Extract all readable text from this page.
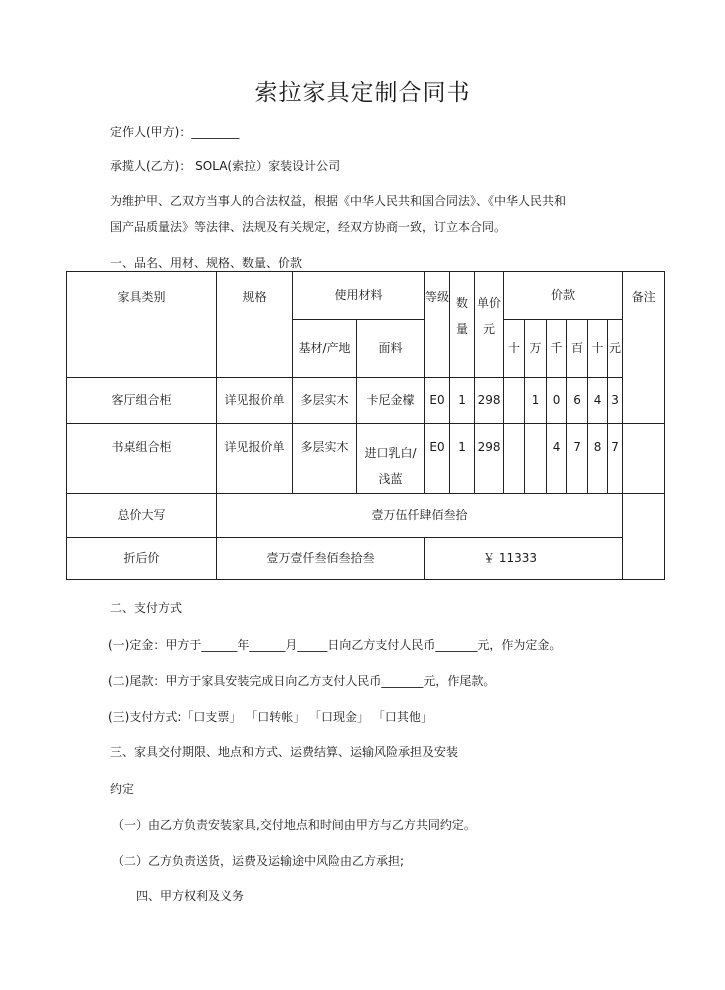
索拉家具定制合同书
定作人(甲方)：________
承揽人(乙方)： SOLA(索拉）家装设计公司
为维护甲、乙双方当事人的合法权益，根据《中华人民共和国合同法》、《中华人民共和
国产品质量法》等法律、法规及有关规定，经双方协商一致，订立本合同。
一、品名、用材、规格、数量、价款
家具类别	规格	使用材料		等级	数量	单价元	价款						备注
		基材/产地	面料				十	万	千	百	十	元	
客厅组合柜	详见报价单	多层实木	卡尼金檬	E0	1	298		1	0	6	4	3	
书桌组合柜	详见报价单	多层实木	进口乳白/浅蓝	E0	1	298			4	7	8	7	
总价大写	壹万伍仟肆佰叁拾												
折后价	壹万壹仟叁佰叁拾叁			￥ 11333									
二、支付方式
(一)定金：甲方于______年______月_____日向乙方支付人民币_______元，作为定金。
(二)尾款：甲方于家具安装完成日向乙方支付人民币_______元，作尾款。
(三)支付方式:「口支票」 「口转帐」 「口现金」 「口其他」
三、家具交付期限、地点和方式、运费结算、运输风险承担及安装
约定
（一）由乙方负责安装家具,交付地点和时间由甲方与乙方共同约定。
（二）乙方负责送货，运费及运输途中风险由乙方承担;
四、甲方权利及义务
